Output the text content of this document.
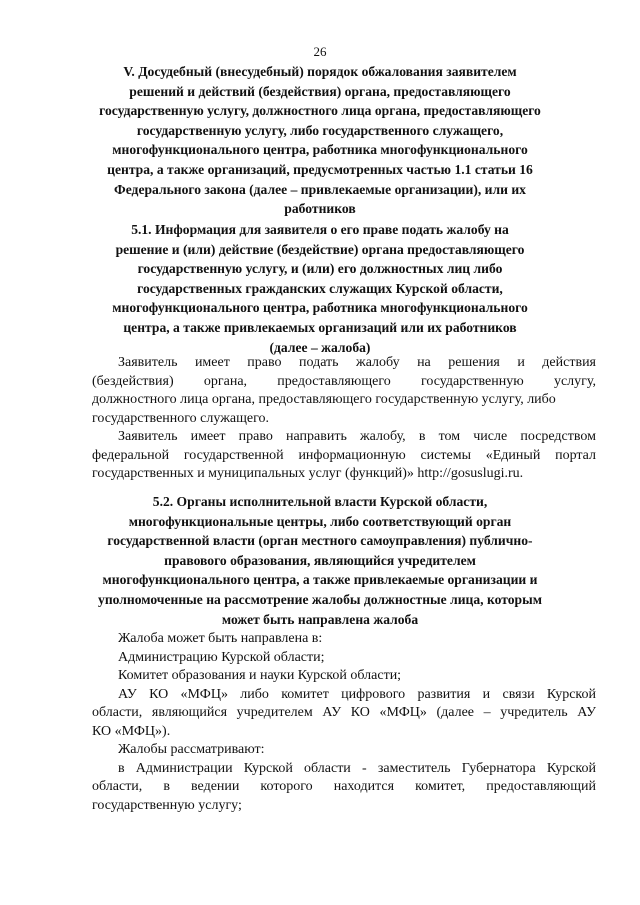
26
V. Досудебный (внесудебный) порядок обжалования заявителем
решений и действий (бездействия) органа, предоставляющего
государственную услугу, должностного лица органа, предоставляющего
государственную услугу, либо государственного служащего,
многофункционального центра, работника многофункционального
центра, а также организаций, предусмотренных частью 1.1 статьи 16
Федерального закона (далее – привлекаемые организации), или их
работников
5.1. Информация для заявителя о его праве подать жалобу на
решение и (или) действие (бездействие) органа предоставляющего
государственную услугу, и (или) его должностных лиц либо
государственных гражданских служащих Курской области,
многофункционального центра, работника многофункционального
центра, а также привлекаемых организаций или их работников
(далее – жалоба)
Заявитель имеет право подать жалобу на решения и действия
(бездействия) органа, предоставляющего государственную услугу,
должностного лица органа, предоставляющего государственную услугу, либо
государственного служащего.
Заявитель имеет право направить жалобу, в том числе посредством
федеральной государственной информационную системы «Единый портал
государственных и муниципальных услуг (функций)» http://gosuslugi.ru.
5.2. Органы исполнительной власти Курской области,
многофункциональные центры, либо соответствующий орган
государственной власти (орган местного самоуправления) публично-
правового образования, являющийся учредителем
многофункционального центра, а также привлекаемые организации и
уполномоченные на рассмотрение жалобы должностные лица, которым
может быть направлена жалоба
Жалоба может быть направлена в:
Администрацию Курской области;
Комитет образования и науки Курской области;
АУ КО «МФЦ» либо комитет цифрового развития и связи Курской
области, являющийся учредителем АУ КО «МФЦ» (далее – учредитель АУ
КО «МФЦ»).
Жалобы рассматривают:
в Администрации Курской области - заместитель Губернатора Курской
области, в ведении которого находится комитет, предоставляющий
государственную услугу;
